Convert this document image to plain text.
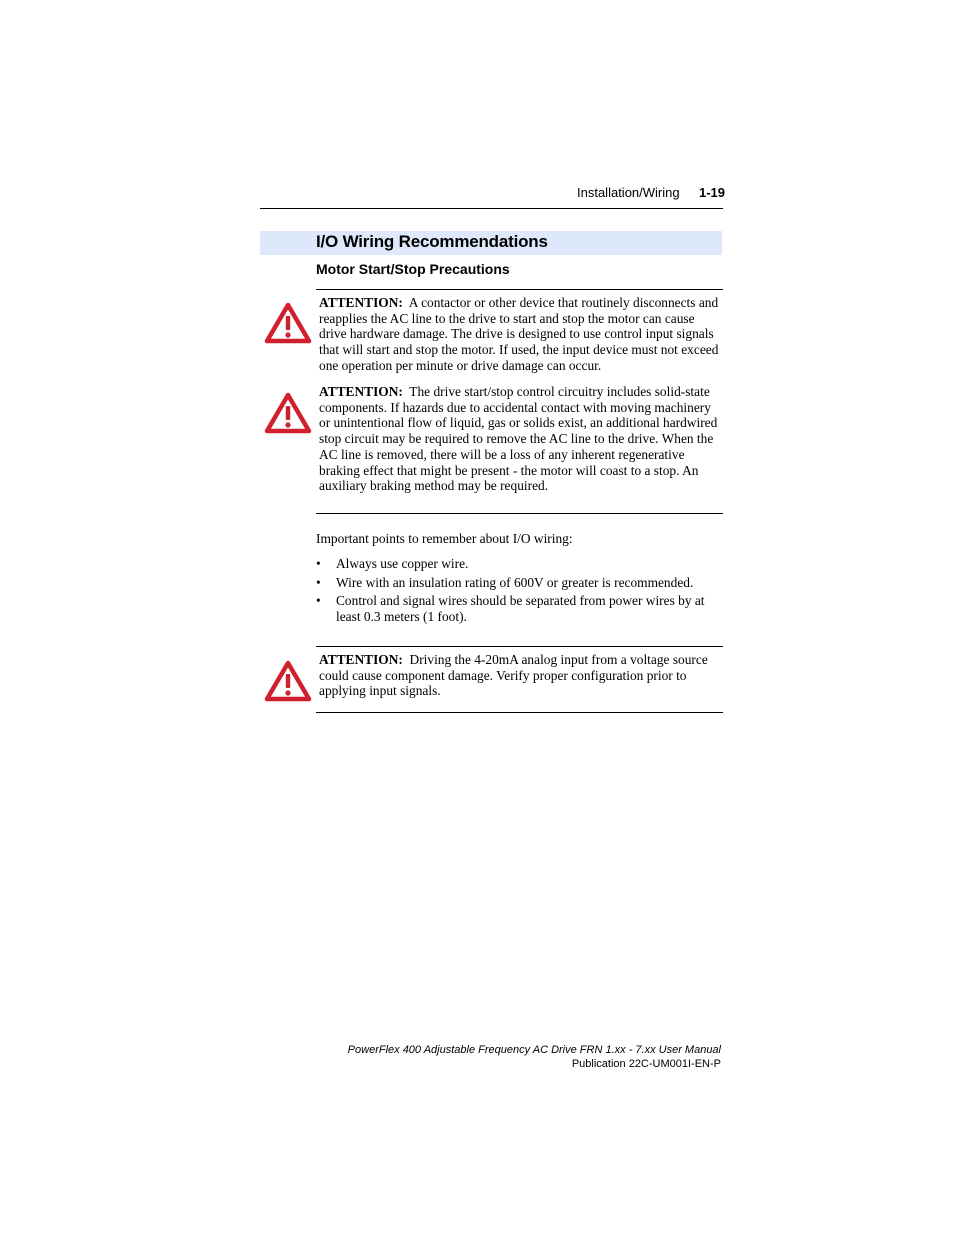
Installation/Wiring 1-19
I/O Wiring Recommendations
Motor Start/Stop Precautions
ATTENTION: A contactor or other device that routinely disconnects and reapplies the AC line to the drive to start and stop the motor can cause drive hardware damage. The drive is designed to use control input signals that will start and stop the motor. If used, the input device must not exceed one operation per minute or drive damage can occur.
ATTENTION: The drive start/stop control circuitry includes solid-state components. If hazards due to accidental contact with moving machinery or unintentional flow of liquid, gas or solids exist, an additional hardwired stop circuit may be required to remove the AC line to the drive. When the AC line is removed, there will be a loss of any inherent regenerative braking effect that might be present - the motor will coast to a stop. An auxiliary braking method may be required.
Important points to remember about I/O wiring:
• Always use copper wire.
• Wire with an insulation rating of 600V or greater is recommended.
• Control and signal wires should be separated from power wires by at least 0.3 meters (1 foot).
ATTENTION: Driving the 4-20mA analog input from a voltage source could cause component damage. Verify proper configuration prior to applying input signals.
PowerFlex 400 Adjustable Frequency AC Drive FRN 1.xx - 7.xx User Manual
Publication 22C-UM001I-EN-P
